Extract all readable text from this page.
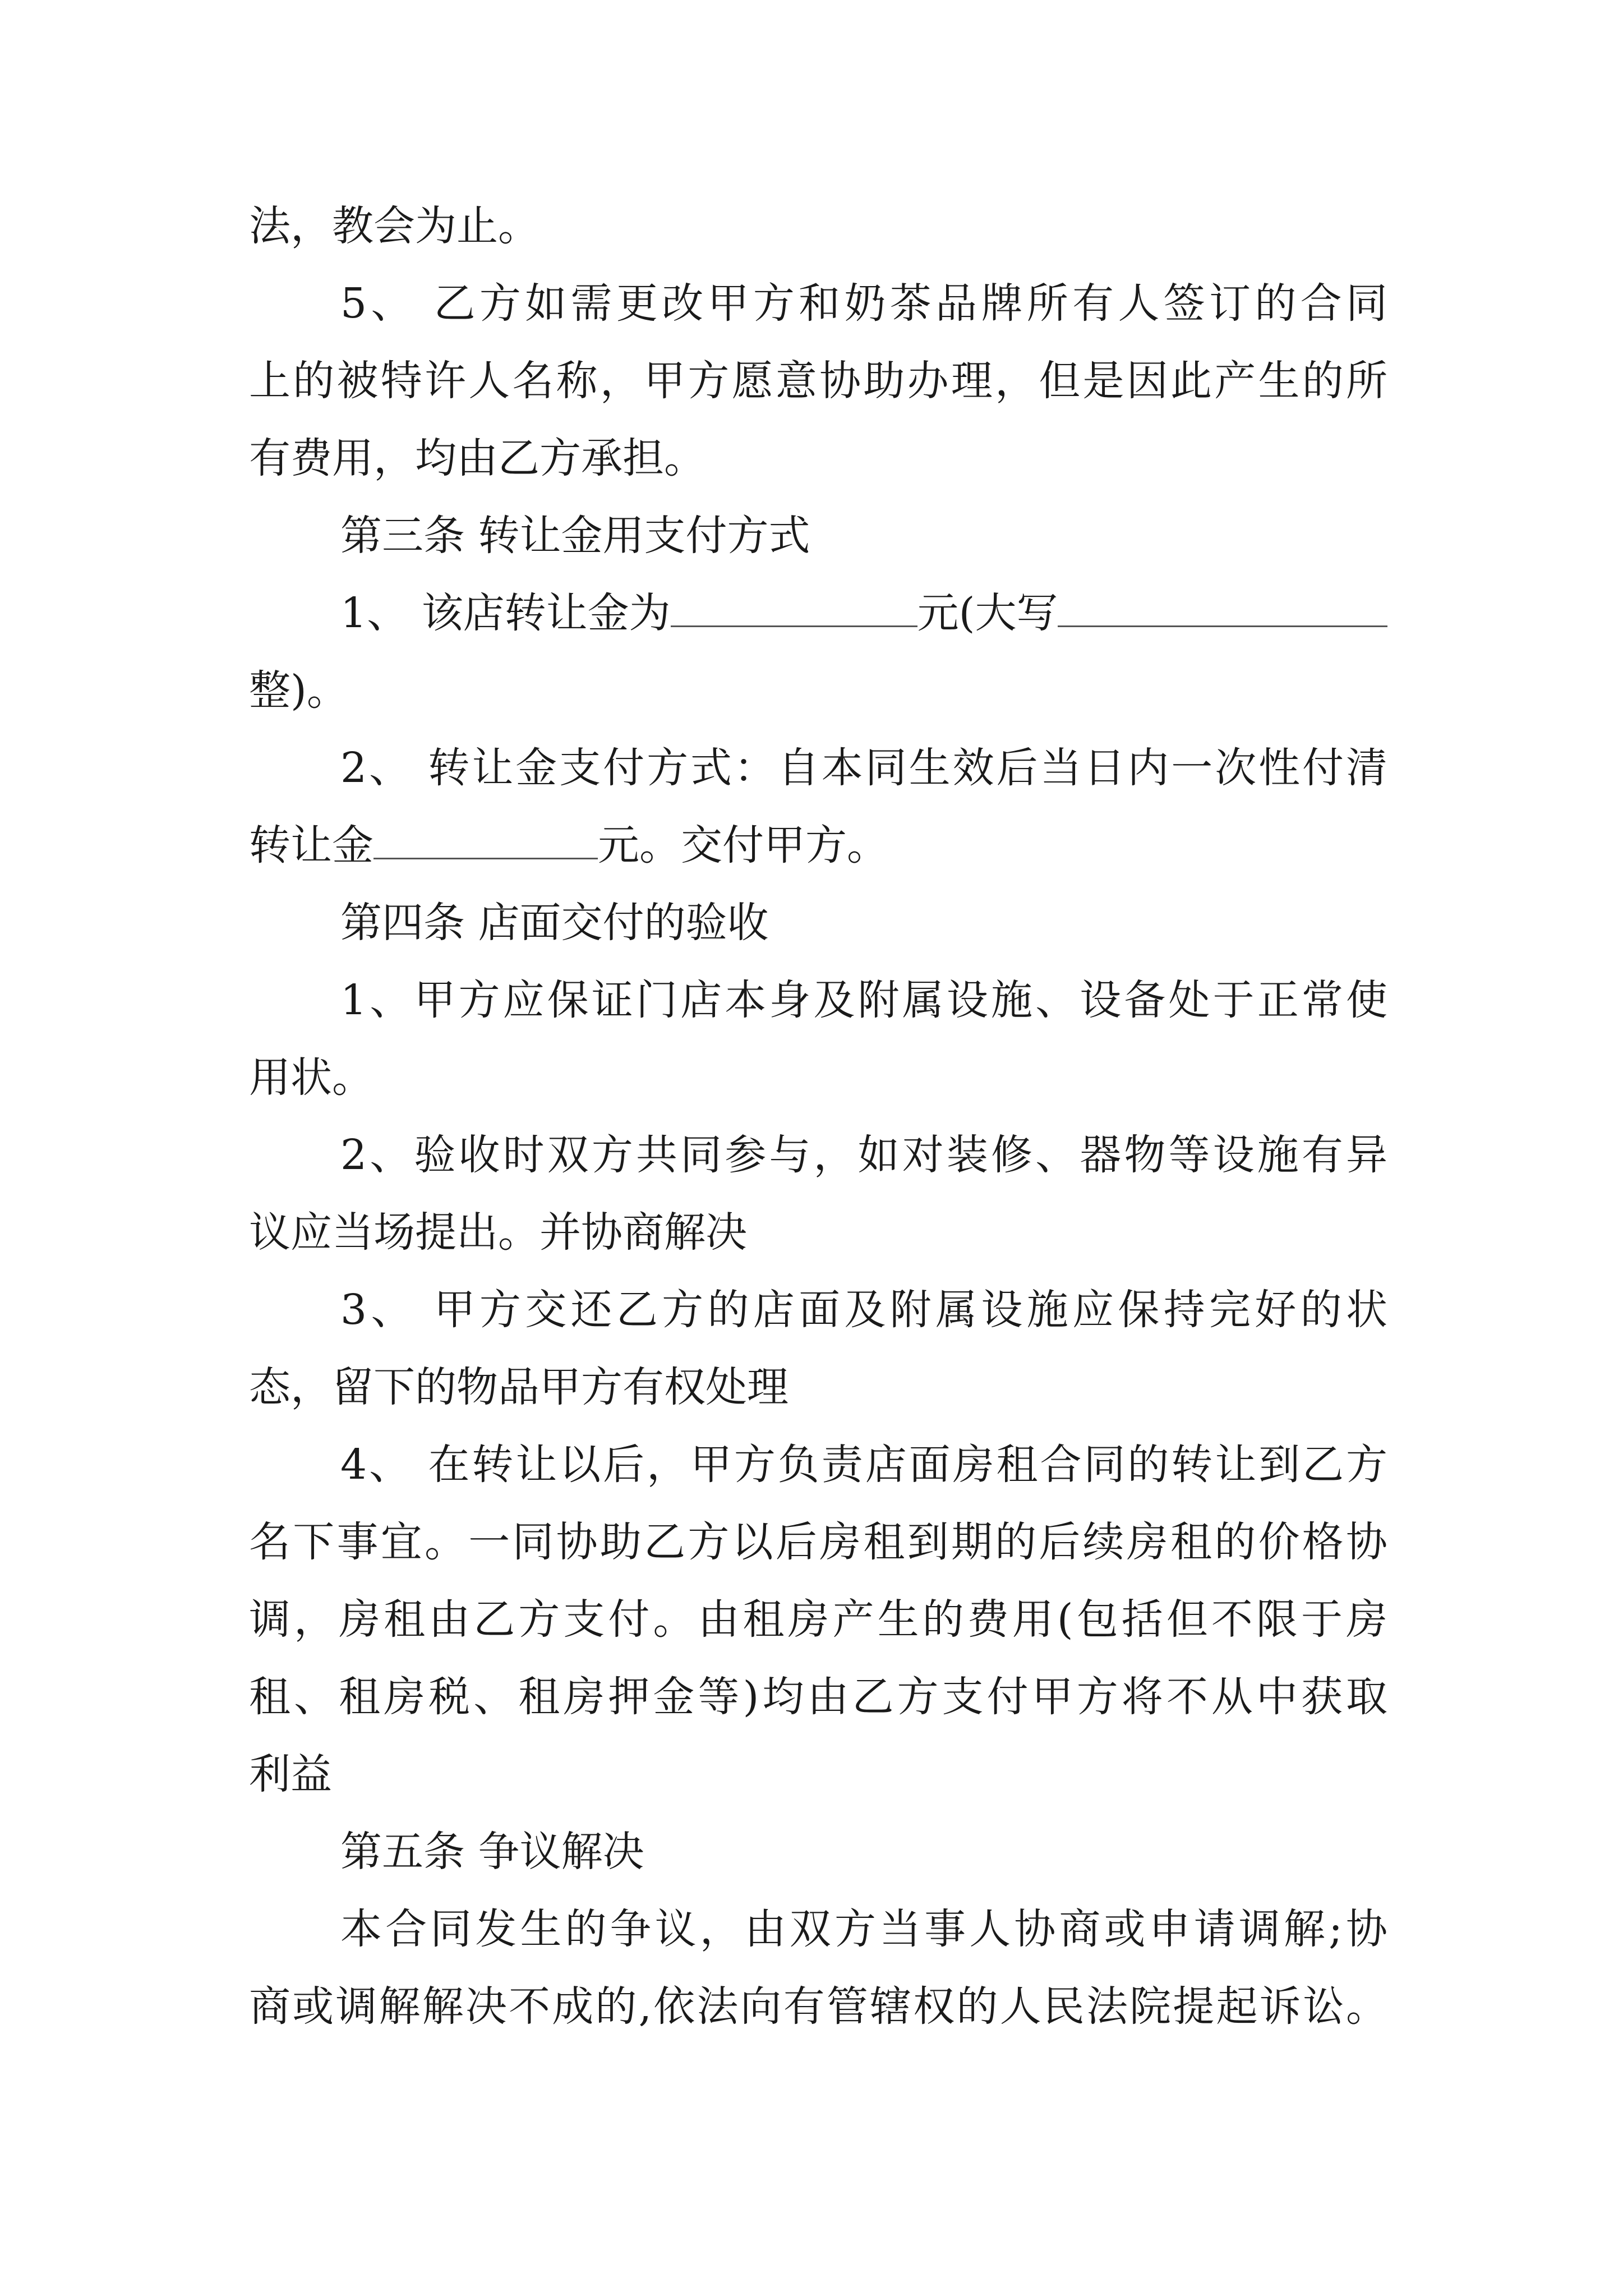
法，教会为止。
5、 乙方如需更改甲方和奶茶品牌所有人签订的合同
上的被特许人名称，甲方愿意协助办理，但是因此产生的所
有费用，均由乙方承担。
第三条 转让金用支付方式
1、 该店转让金为	元(大写
整)。
2、 转让金支付方式：自本同生效后当日内一次性付清
转让金	元。交付甲方。
第四条 店面交付的验收
1、甲方应保证门店本身及附属设施、设备处于正常使
用状。
2、验收时双方共同参与，如对装修、器物等设施有异
议应当场提出。并协商解决
3、 甲方交还乙方的店面及附属设施应保持完好的状
态，留下的物品甲方有权处理
4、 在转让以后，甲方负责店面房租合同的转让到乙方
名下事宜。一同协助乙方以后房租到期的后续房租的价格协
调，房租由乙方支付。由租房产生的费用(包括但不限于房
租、租房税、租房押金等)均由乙方支付甲方将不从中获取
利益
第五条 争议解决
本合同发生的争议，由双方当事人协商或申请调解;协
商或调解解决不成的,依法向有管辖权的人民法院提起诉讼。
